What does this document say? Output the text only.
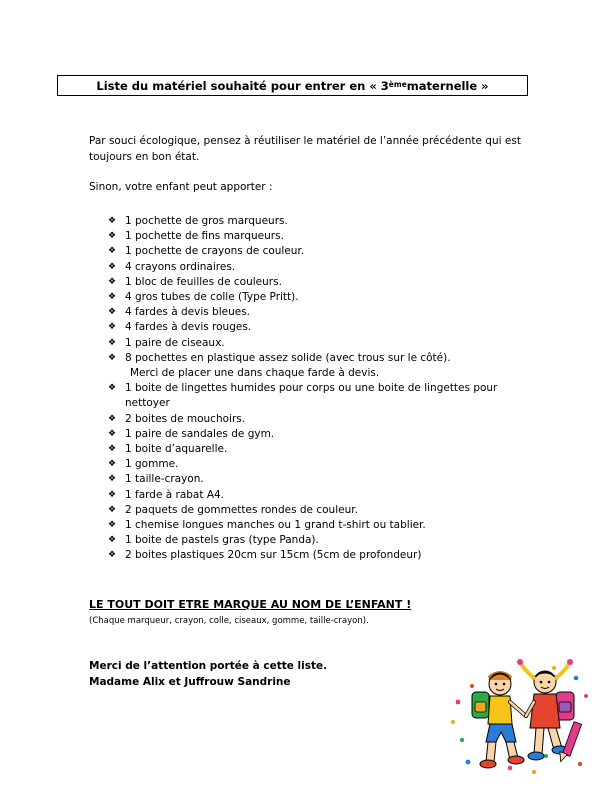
Liste du matériel souhaité pour entrer en « 3ème maternelle »
Par souci écologique, pensez à réutiliser le matériel de l’année précédente qui est toujours en bon état.
Sinon, votre enfant peut apporter :
❖ 1 pochette de gros marqueurs.
❖ 1 pochette de fins marqueurs.
❖ 1 pochette de crayons de couleur.
❖ 4 crayons ordinaires.
❖ 1 bloc de feuilles de couleurs.
❖ 4 gros tubes de colle (Type Pritt).
❖ 4 fardes à devis bleues.
❖ 4 fardes à devis rouges.
❖ 1 paire de ciseaux.
❖ 8 pochettes en plastique assez solide (avec trous sur le côté).
Merci de placer une dans chaque farde à devis.
❖ 1 boite de lingettes humides pour corps ou une boite de lingettes pour nettoyer
❖ 2 boites de mouchoirs.
❖ 1 paire de sandales de gym.
❖ 1 boite d’aquarelle.
❖ 1 gomme.
❖ 1 taille-crayon.
❖ 1 farde à rabat A4.
❖ 2 paquets de gommettes rondes de couleur.
❖ 1 chemise longues manches ou 1 grand t-shirt ou tablier.
❖ 1 boite de pastels gras (type Panda).
❖ 2 boites plastiques 20cm sur 15cm (5cm de profondeur)
LE TOUT DOIT ETRE MARQUE AU NOM DE L’ENFANT !
(Chaque marqueur, crayon, colle, ciseaux, gomme, taille-crayon).
Merci de l’attention portée à cette liste.
Madame Alix et Juffrouw Sandrine
